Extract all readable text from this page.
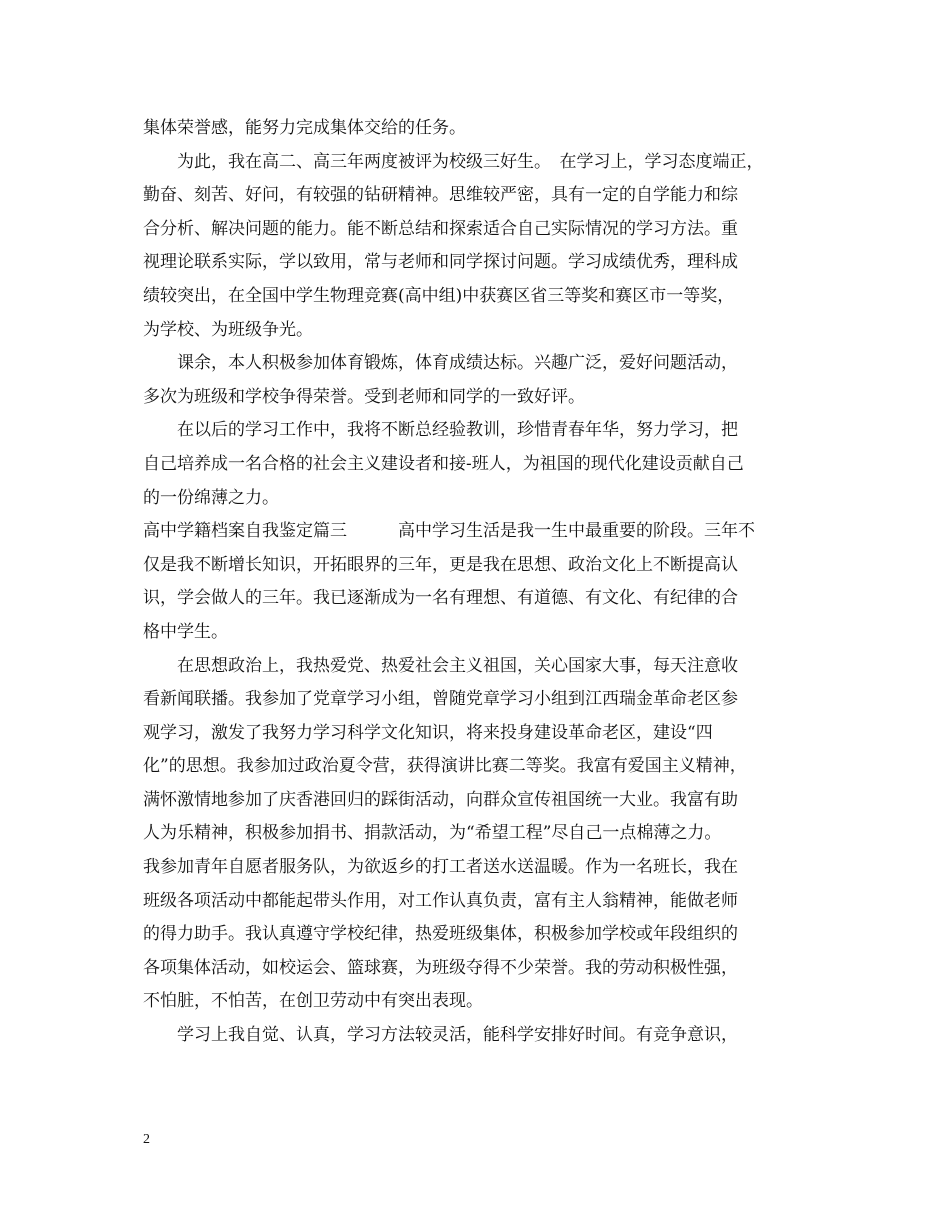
集体荣誉感，能努力完成集体交给的任务。
　　为此，我在高二、高三年两度被评为校级三好生。　在学习上，学习态度端正，
勤奋、刻苦、好问，有较强的钻研精神。思维较严密，具有一定的自学能力和综
合分析、解决问题的能力。能不断总结和探索适合自己实际情况的学习方法。重
视理论联系实际，学以致用，常与老师和同学探讨问题。学习成绩优秀，理科成
绩较突出，在全国中学生物理竞赛(高中组)中获赛区省三等奖和赛区市一等奖，
为学校、为班级争光。
　　课余，本人积极参加体育锻炼，体育成绩达标。兴趣广泛，爱好问题活动，
多次为班级和学校争得荣誉。受到老师和同学的一致好评。
　　在以后的学习工作中，我将不断总经验教训，珍惜青春年华，努力学习，把
自己培养成一名合格的社会主义建设者和接-班人，为祖国的现代化建设贡献自己
的一份绵薄之力。
高中学籍档案自我鉴定篇三　　　高中学习生活是我一生中最重要的阶段。三年不
仅是我不断增长知识，开拓眼界的三年，更是我在思想、政治文化上不断提高认
识，学会做人的三年。我已逐渐成为一名有理想、有道德、有文化、有纪律的合
格中学生。
　　在思想政治上，我热爱党、热爱社会主义祖国，关心国家大事，每天注意收
看新闻联播。我参加了党章学习小组，曾随党章学习小组到江西瑞金革命老区参
观学习，激发了我努力学习科学文化知识，将来投身建设革命老区，建设“四
化”的思想。我参加过政治夏令营，获得演讲比赛二等奖。我富有爱国主义精神，
满怀激情地参加了庆香港回归的踩街活动，向群众宣传祖国统一大业。我富有助
人为乐精神，积极参加捐书、捐款活动，为“希望工程”尽自己一点棉薄之力。
我参加青年自愿者服务队，为欲返乡的打工者送水送温暖。作为一名班长，我在
班级各项活动中都能起带头作用，对工作认真负责，富有主人翁精神，能做老师
的得力助手。我认真遵守学校纪律，热爱班级集体，积极参加学校或年段组织的
各项集体活动，如校运会、篮球赛，为班级夺得不少荣誉。我的劳动积极性强，
不怕脏，不怕苦，在创卫劳动中有突出表现。
　　学习上我自觉、认真，学习方法较灵活，能科学安排好时间。有竞争意识，
2
